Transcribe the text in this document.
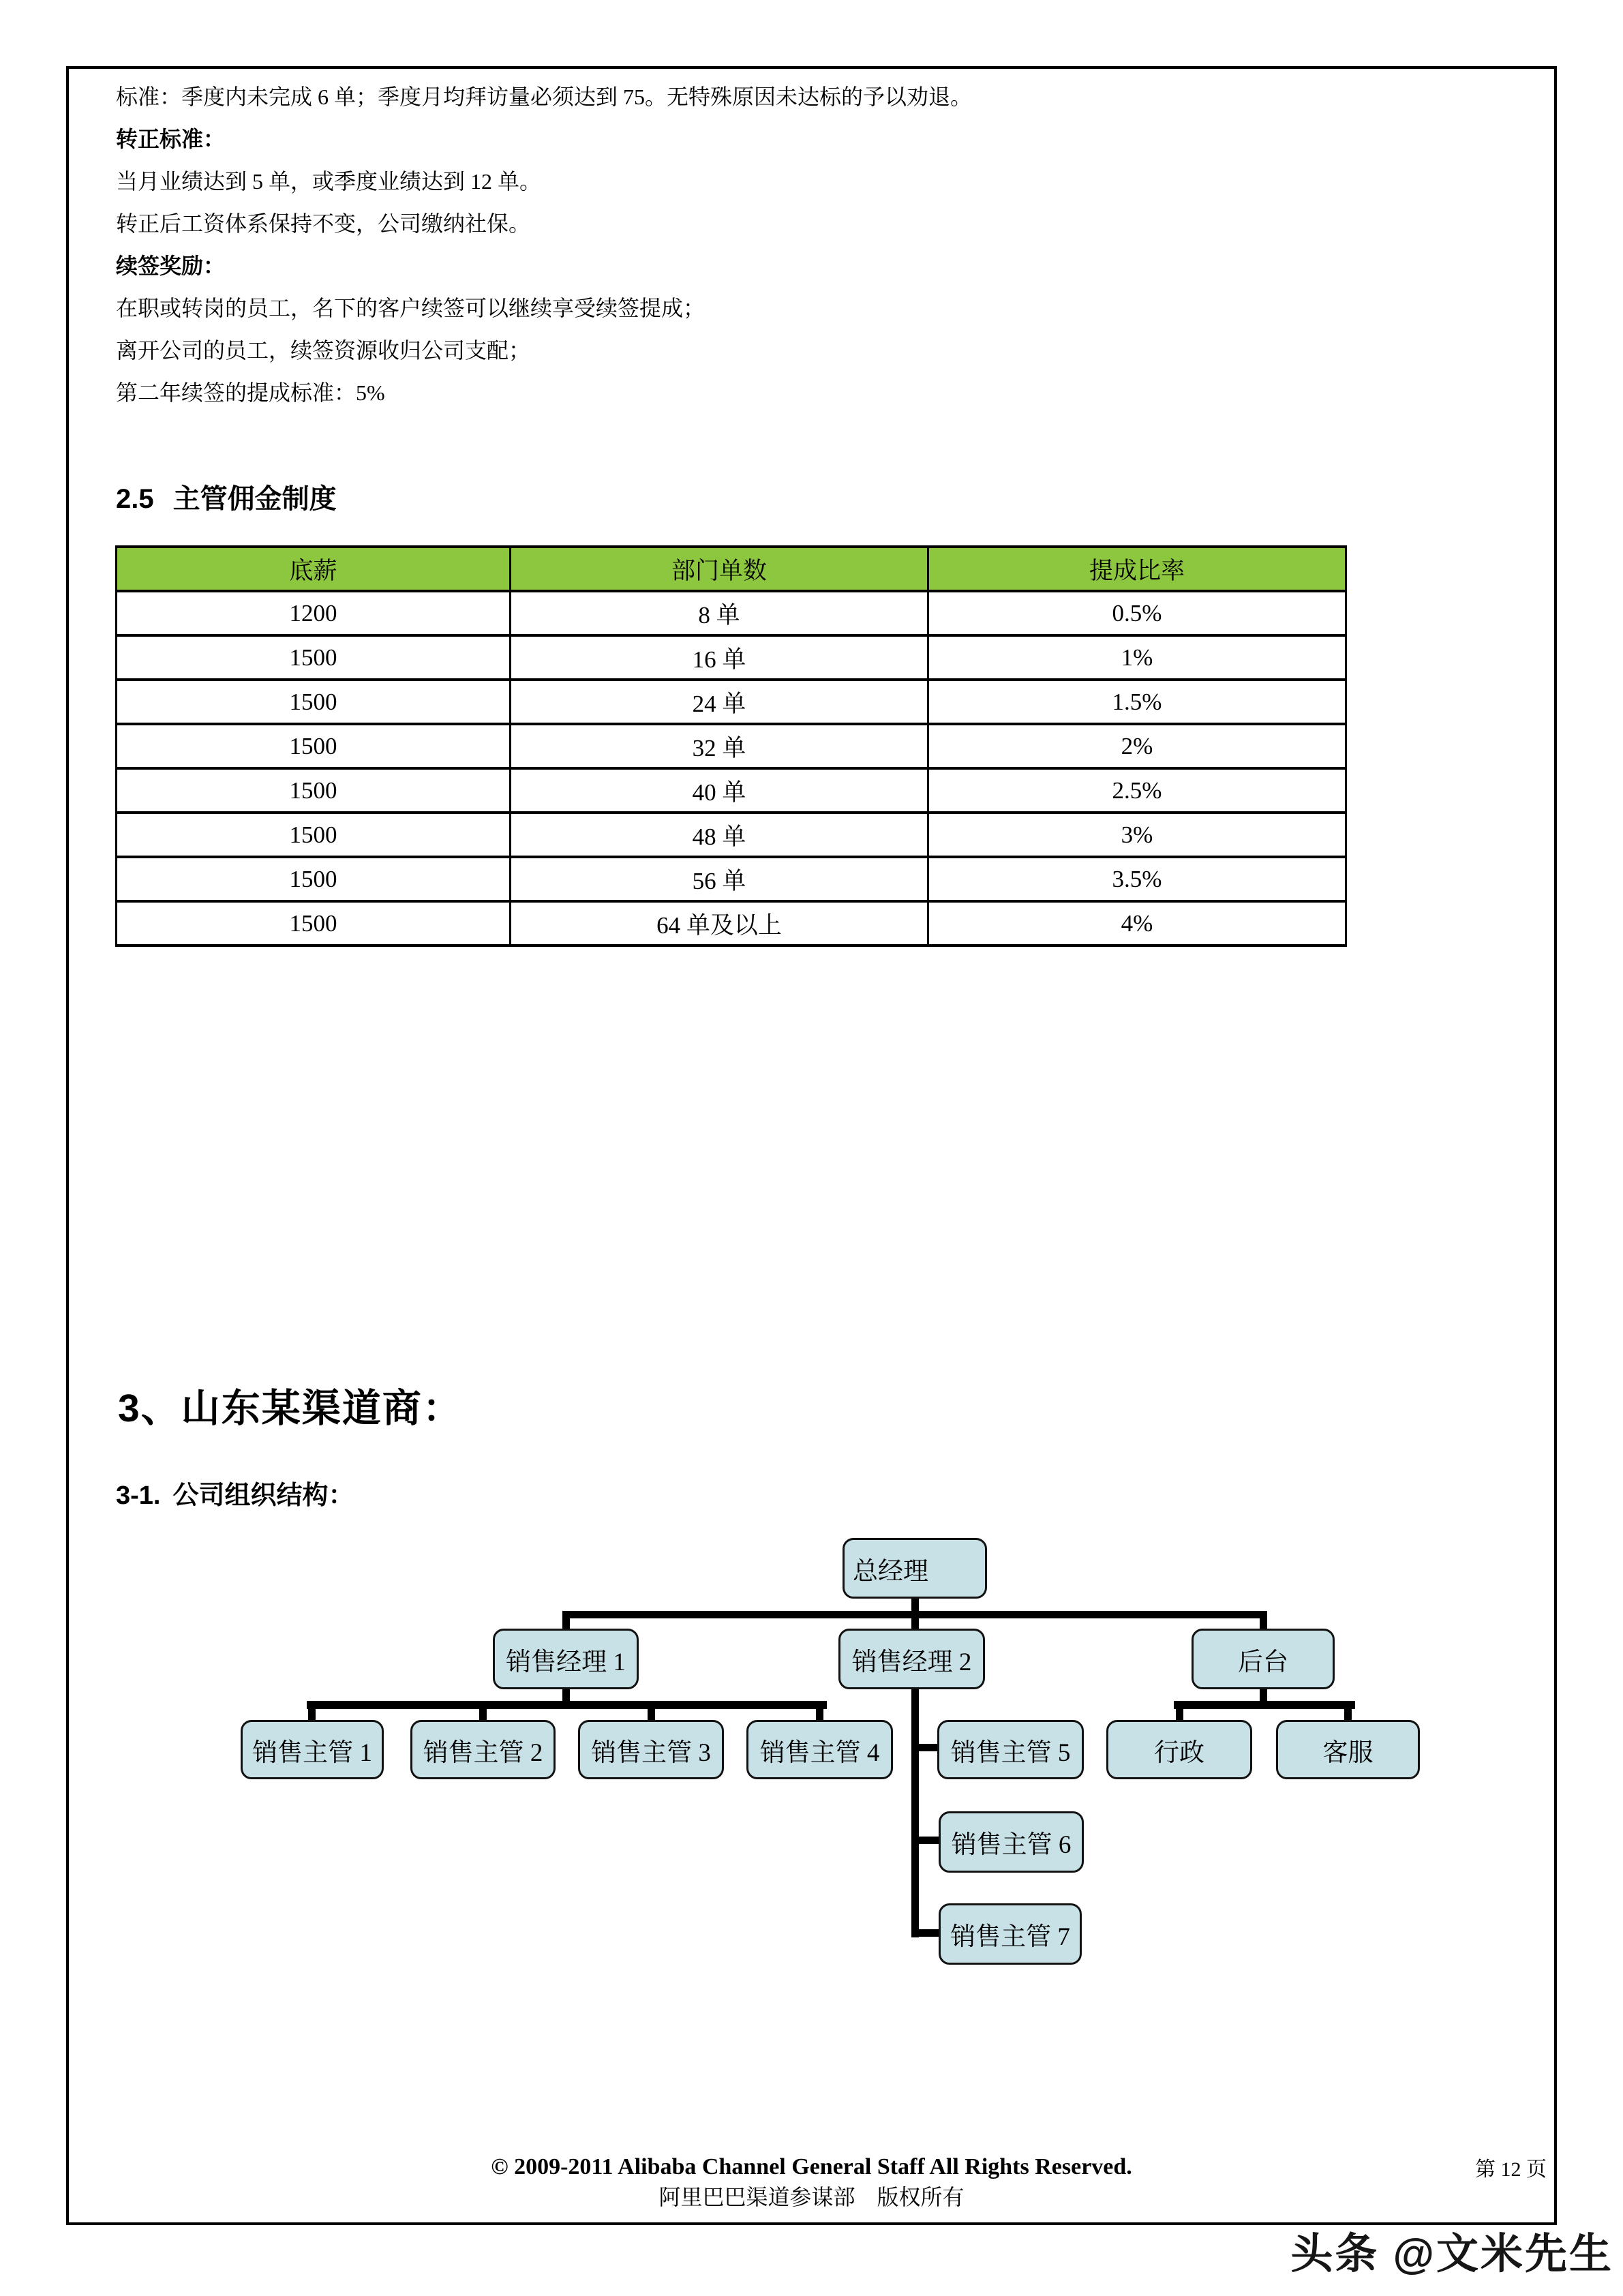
标准：季度内未完成 6 单；季度月均拜访量必须达到 75。无特殊原因未达标的予以劝退。

转正标准：

当月业绩达到 5 单，或季度业绩达到 12 单。

转正后工资体系保持不变，公司缴纳社保。

续签奖励：

在职或转岗的员工，名下的客户续签可以继续享受续签提成；

离开公司的员工，续签资源收归公司支配；

第二年续签的提成标准：5%

2.5 主管佣金制度
底薪	部门单数	提成比率
1200	8 单	0.5%
1500	16 单	1%
1500	24 单	1.5%
1500	32 单	2%
1500	40 单	2.5%
1500	48 单	3%
1500	56 单	3.5%
1500	64 单及以上	4%
3、山东某渠道商：
3-1. 公司组织结构：
总经理
销售经理 1	销售经理 2	后台
销售主管 1	销售主管 2	销售主管 3	销售主管 4	销售主管 5	行政	客服
销售主管 6
销售主管 7
© 2009-2011 Alibaba Channel General Staff All Rights Reserved.
阿里巴巴渠道参谋部　版权所有
第 12 页
头条 @文米先生
